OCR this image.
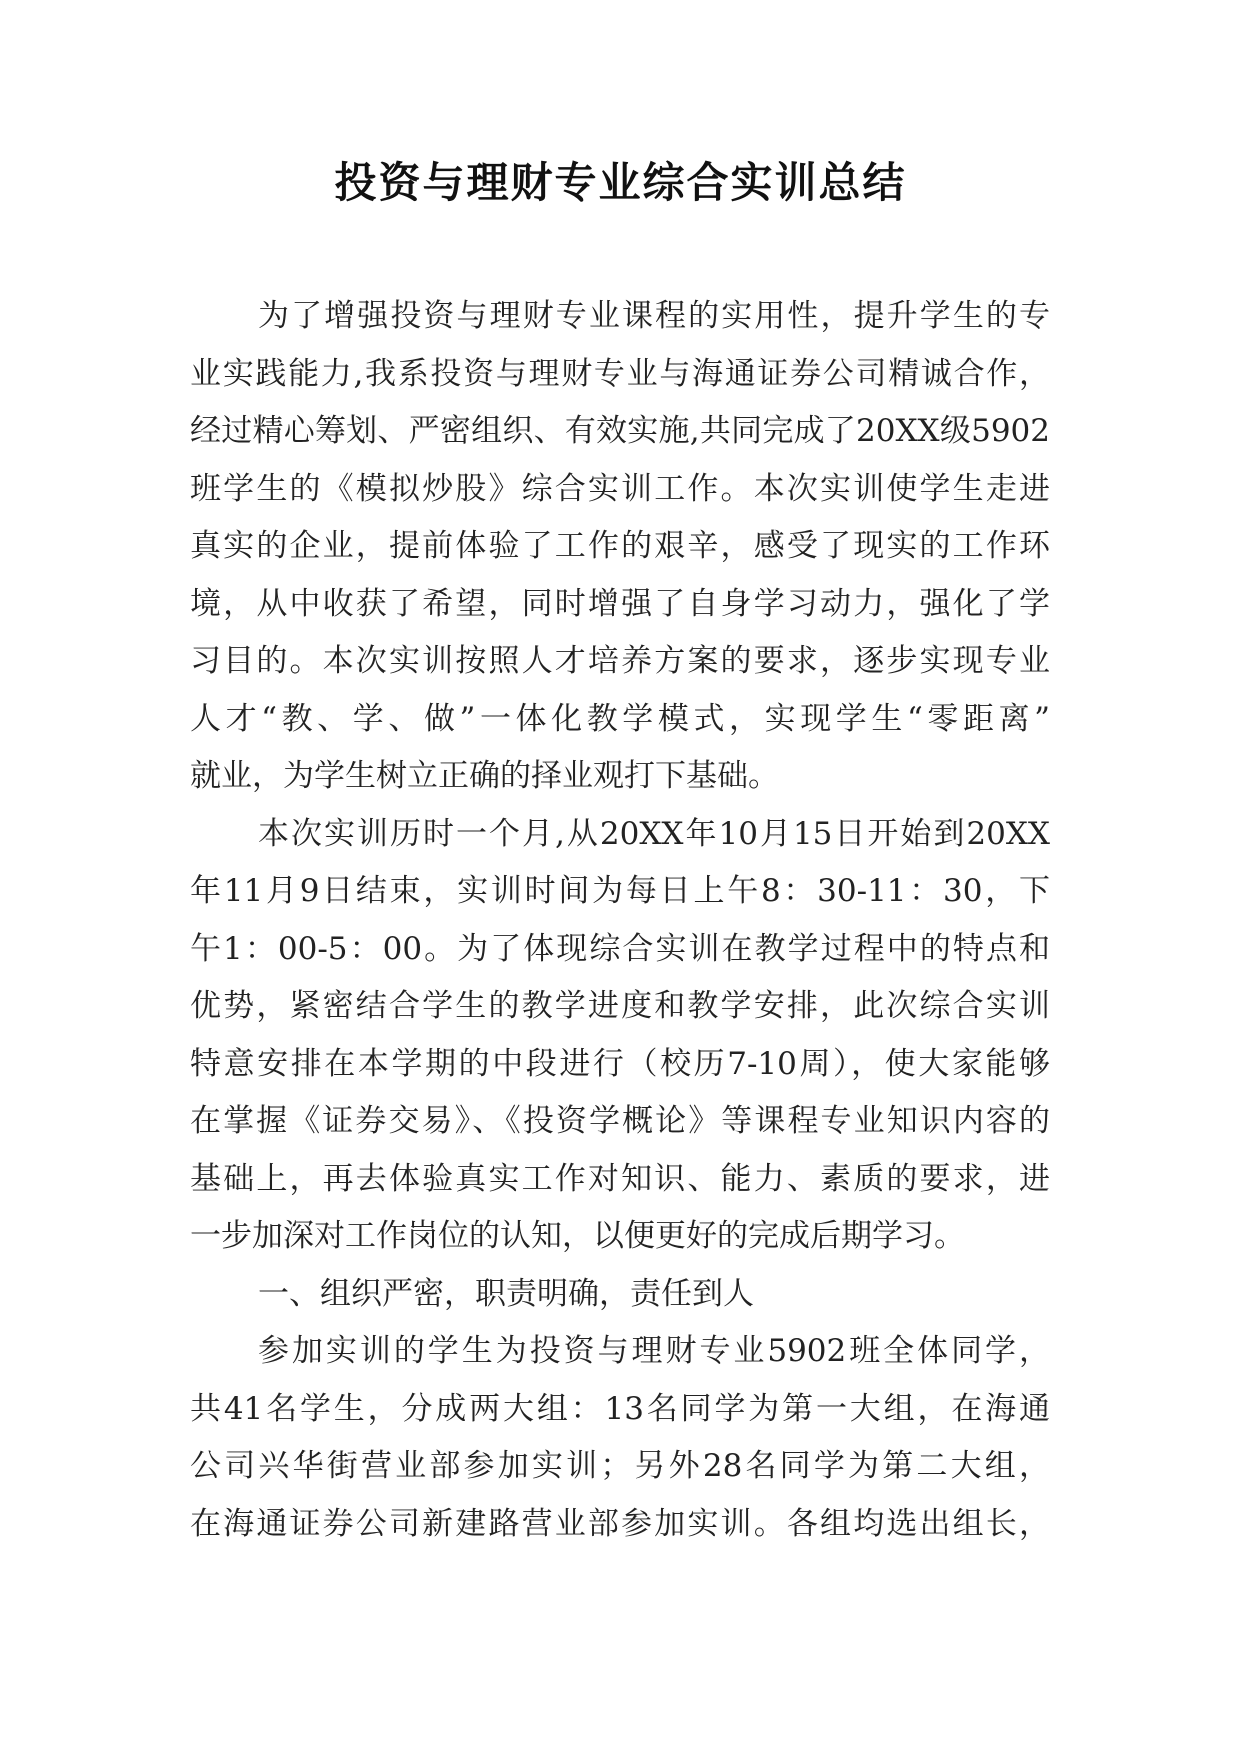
投资与理财专业综合实训总结
为了增强投资与理财专业课程的实用性，提升学生的专
业实践能力,我系投资与理财专业与海通证券公司精诚合作，
经过精心筹划、严密组织、有效实施,共同完成了20XX级5902
班学生的《模拟炒股》综合实训工作。本次实训使学生走进
真实的企业，提前体验了工作的艰辛，感受了现实的工作环
境，从中收获了希望，同时增强了自身学习动力，强化了学
习目的。本次实训按照人才培养方案的要求，逐步实现专业
人才“教、学、做”一体化教学模式，实现学生“零距离”
就业，为学生树立正确的择业观打下基础。
本次实训历时一个月,从20XX年10月15日开始到20XX
年11月9日结束，实训时间为每日上午8：30-11：30，下
午1：00-5：00。为了体现综合实训在教学过程中的特点和
优势，紧密结合学生的教学进度和教学安排，此次综合实训
特意安排在本学期的中段进行（校历7-10周），使大家能够
在掌握《证券交易》、《投资学概论》等课程专业知识内容的
基础上，再去体验真实工作对知识、能力、素质的要求，进
一步加深对工作岗位的认知，以便更好的完成后期学习。
一、组织严密，职责明确，责任到人
参加实训的学生为投资与理财专业5902班全体同学，
共41名学生，分成两大组：13名同学为第一大组，在海通
公司兴华街营业部参加实训；另外28名同学为第二大组，
在海通证券公司新建路营业部参加实训。各组均选出组长，
